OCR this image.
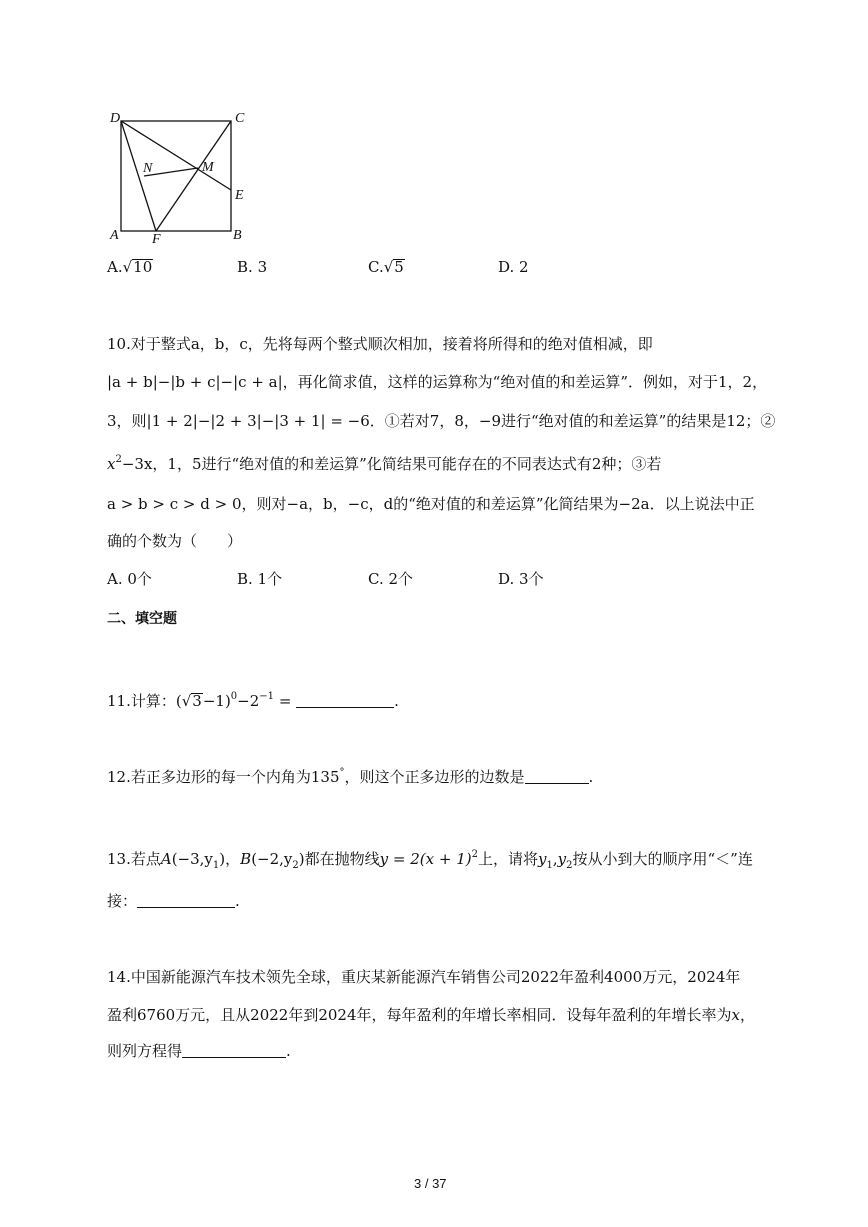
D	C
N	M
E
A F	B
A.√10	B. 3	C.√5	D. 2
10.对于整式a，b，c，先将每两个整式顺次相加，接着将所得和的绝对值相减，即
|a + b|−|b + c|−|c + a|，再化简求值，这样的运算称为“绝对值的和差运算”．例如，对于1，2，
3，则|1 + 2|−|2 + 3|−|3 + 1| = −6．①若对7，8，−9进行“绝对值的和差运算”的结果是12；②
$x^2-3x$，1，5进行“绝对值的和差运算”化简结果可能存在的不同表达式有2种；③若
a > b > c > d > 0，则对−a，b，−c，d的“绝对值的和差运算”化简结果为−2a．以上说法中正
确的个数为（　　）
A. 0个	B. 1个	C. 2个	D. 3个
二、填空题
11.计算：$(√3-1)^0-2^{-1}$ =	.
12.若正多边形的每一个内角为135°，则这个正多边形的边数是	.
13.若点$A(-3,y_1)$，$B(-2,y_2)$都在抛物线$y = 2(x + 1)^2$上，请将$y_1,y_2$按从小到大的顺序用“＜”连
接：	.
14.中国新能源汽车技术领先全球，重庆某新能源汽车销售公司2022年盈利4000万元，2024年
盈利6760万元，且从2022年到2024年，每年盈利的年增长率相同．设每年盈利的年增长率为x，
则列方程得	.
3 / 37
